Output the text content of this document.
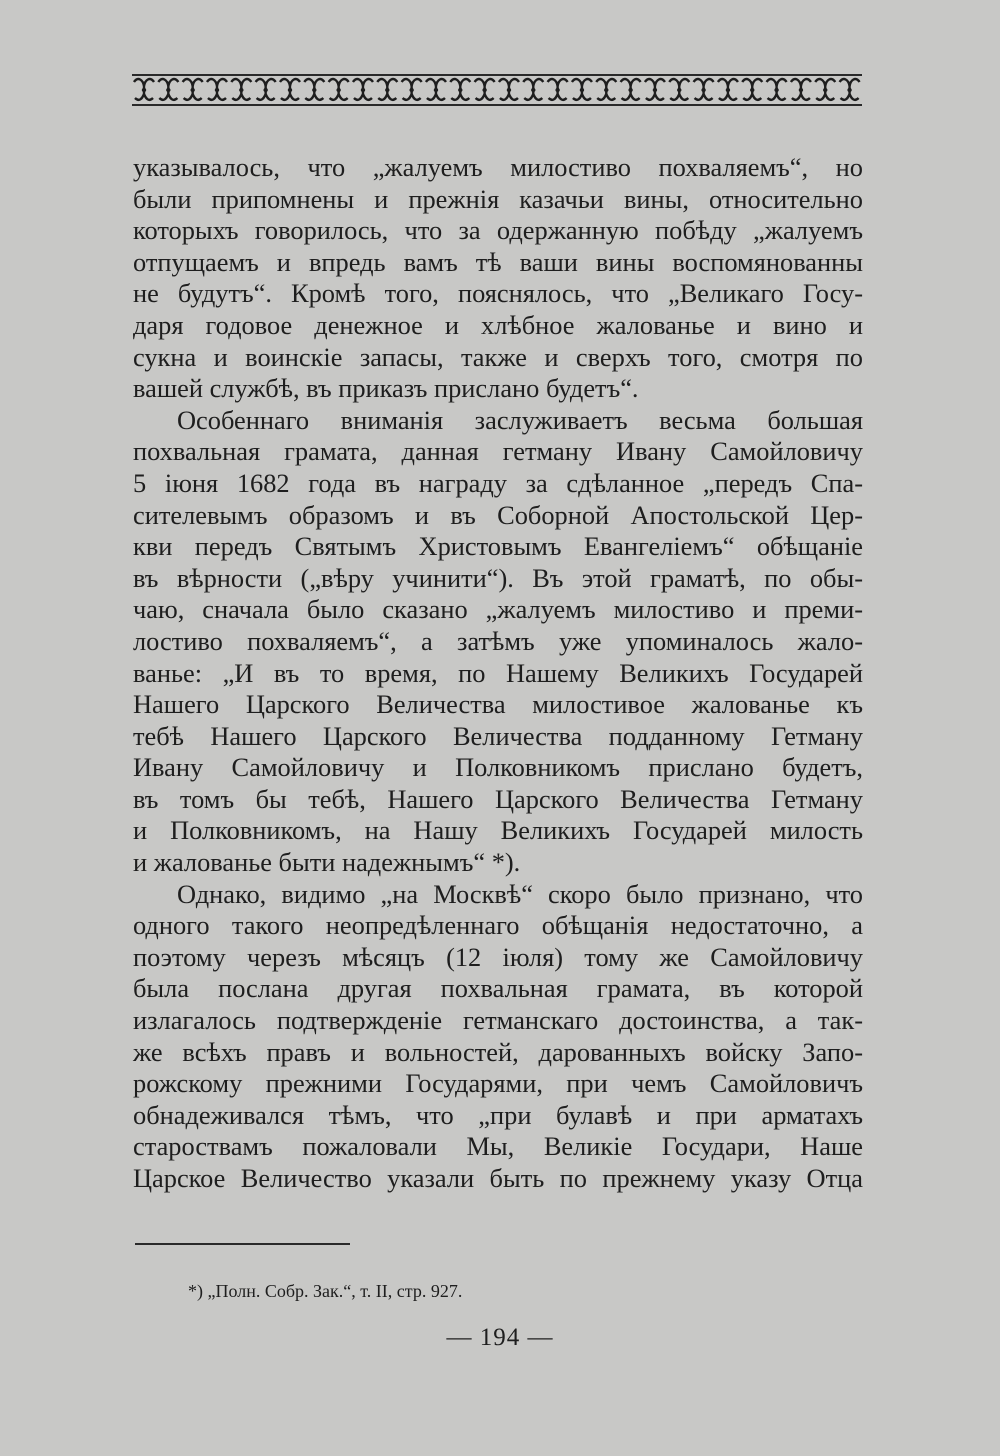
указывалось, что „жалуемъ милостиво похваляемъ“, но
были припомнены и прежнія казачьи вины, относительно
которыхъ говорилось, что за одержанную побѣду „жалуемъ
отпущаемъ и впредь вамъ тѣ ваши вины воспомянованны
не будутъ“. Кромѣ того, пояснялось, что „Великаго Госу-
даря годовое денежное и хлѣбное жалованье и вино и
сукна и воинскіе запасы, также и сверхъ того, смотря по
вашей службѣ, въ приказъ прислано будетъ“.
Особеннаго вниманія заслуживаетъ весьма большая
похвальная грамата, данная гетману Ивану Самойловичу
5 іюня 1682 года въ награду за сдѣланное „передъ Спа-
сителевымъ образомъ и въ Соборной Апостольской Цер-
кви передъ Святымъ Христовымъ Евангеліемъ“ обѣщаніе
въ вѣрности („вѣру учинити“). Въ этой граматѣ, по обы-
чаю, сначала было сказано „жалуемъ милостиво и преми-
лостиво похваляемъ“, а затѣмъ уже упоминалось жало-
ванье: „И въ то время, по Нашему Великихъ Государей
Нашего Царского Величества милостивое жалованье къ
тебѣ Нашего Царского Величества подданному Гетману
Ивану Самойловичу и Полковникомъ прислано будетъ,
въ томъ бы тебѣ, Нашего Царского Величества Гетману
и Полковникомъ, на Нашу Великихъ Государей милость
и жалованье быти надежнымъ“ *).
Однако, видимо „на Москвѣ“ скоро было признано, что
одного такого неопредѣленнаго обѣщанія недостаточно, а
поэтому черезъ мѣсяцъ (12 іюля) тому же Самойловичу
была послана другая похвальная грамата, въ которой
излагалось подтвержденіе гетманскаго достоинства, а так-
же всѣхъ правъ и вольностей, дарованныхъ войску Запо-
рожскому прежними Государями, при чемъ Самойловичъ
обнадеживался тѣмъ, что „при булавѣ и при арматахъ
староствамъ пожаловали Мы, Великіе Государи, Наше
Царское Величество указали быть по прежнему указу Отца
*) „Полн. Собр. Зак.“, т. II, стр. 927.
— 194 —
